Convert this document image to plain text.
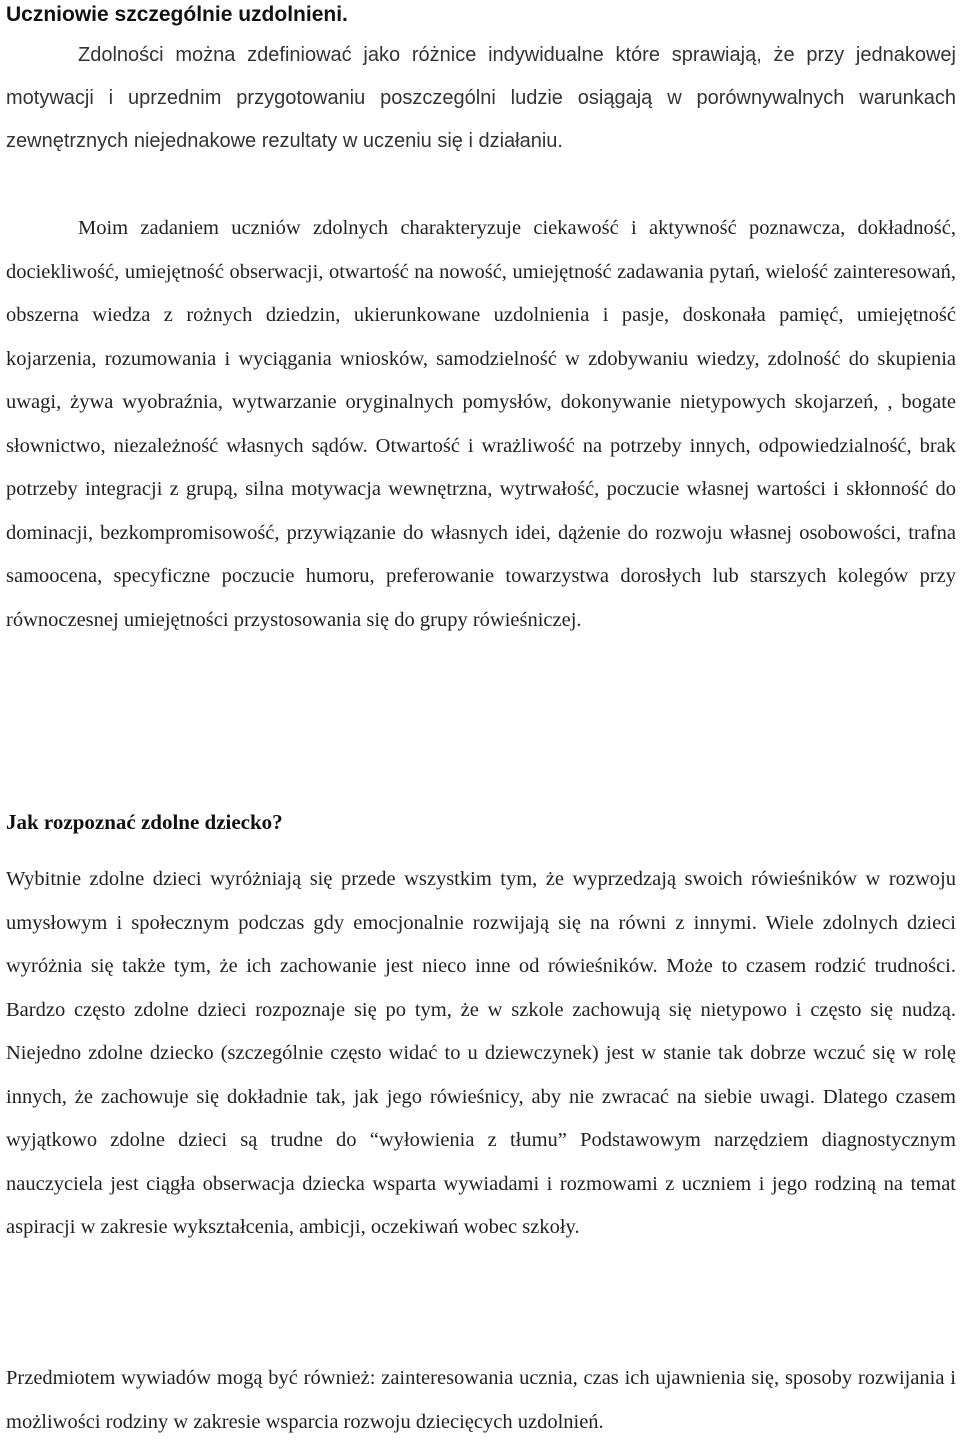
Uczniowie szczególnie uzdolnieni.

Zdolności można zdefiniować jako różnice indywidualne które sprawiają, że przy jednakowej motywacji i uprzednim przygotowaniu poszczególni ludzie osiągają w porównywalnych warunkach zewnętrznych niejednakowe rezultaty w uczeniu się i działaniu.

Moim zadaniem uczniów zdolnych charakteryzuje ciekawość i aktywność poznawcza, dokładność, dociekliwość, umiejętność obserwacji, otwartość na nowość, umiejętność zadawania pytań, wielość zainteresowań, obszerna wiedza z rożnych dziedzin, ukierunkowane uzdolnienia i pasje, doskonała pamięć, umiejętność kojarzenia, rozumowania i wyciągania wniosków, samodzielność w zdobywaniu wiedzy, zdolność do skupienia uwagi, żywa wyobraźnia, wytwarzanie oryginalnych pomysłów, dokonywanie nietypowych skojarzeń, , bogate słownictwo, niezależność własnych sądów. Otwartość i wrażliwość na potrzeby innych, odpowiedzialność, brak potrzeby integracji z grupą, silna motywacja wewnętrzna, wytrwałość, poczucie własnej wartości i skłonność do dominacji, bezkompromisowość, przywiązanie do własnych idei, dążenie do rozwoju własnej osobowości, trafna samoocena, specyficzne poczucie humoru, preferowanie towarzystwa dorosłych lub starszych kolegów przy równoczesnej umiejętności przystosowania się do grupy rówieśniczej.

Jak rozpoznać zdolne dziecko?

Wybitnie zdolne dzieci wyróżniają się przede wszystkim tym, że wyprzedzają swoich rówieśników w rozwoju umysłowym i społecznym podczas gdy emocjonalnie rozwijają się na równi z innymi. Wiele zdolnych dzieci wyróżnia się także tym, że ich zachowanie jest nieco inne od rówieśników. Może to czasem rodzić trudności. Bardzo często zdolne dzieci rozpoznaje się po tym, że w szkole zachowują się nietypowo i często się nudzą. Niejedno zdolne dziecko (szczególnie często widać to u dziewczynek) jest w stanie tak dobrze wczuć się w rolę innych, że zachowuje się dokładnie tak, jak jego rówieśnicy, aby nie zwracać na siebie uwagi. Dlatego czasem wyjątkowo zdolne dzieci są trudne do “wyłowienia z tłumu” Podstawowym narzędziem diagnostycznym nauczyciela jest ciągła obserwacja dziecka wsparta wywiadami i rozmowami z uczniem i jego rodziną na temat aspiracji w zakresie wykształcenia, ambicji, oczekiwań wobec szkoły.

Przedmiotem wywiadów mogą być również: zainteresowania ucznia, czas ich ujawnienia się, sposoby rozwijania i możliwości rodziny w zakresie wsparcia rozwoju dziecięcych uzdolnień.
